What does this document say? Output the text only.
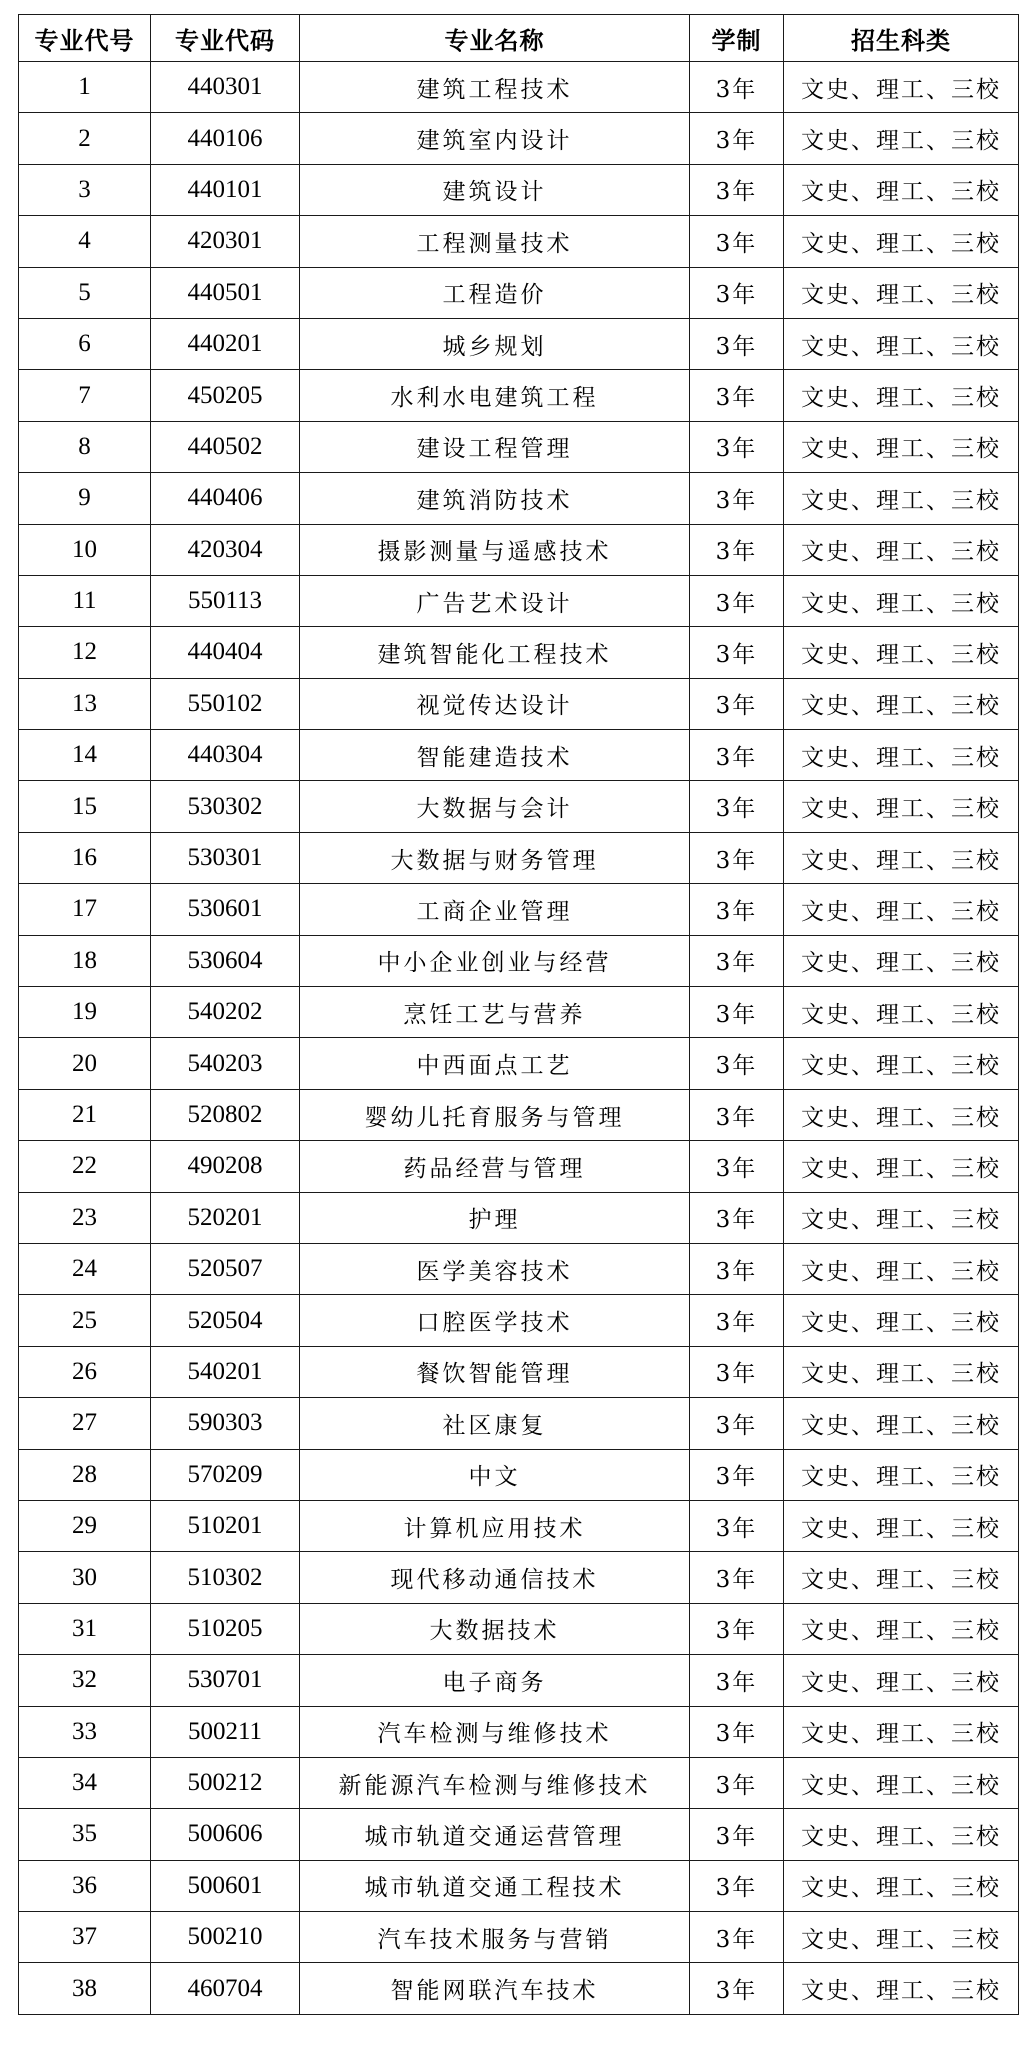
专业代号	专业代码	专业名称	学制	招生科类
1	440301	建筑工程技术	3年	文史、理工、三校
2	440106	建筑室内设计	3年	文史、理工、三校
3	440101	建筑设计	3年	文史、理工、三校
4	420301	工程测量技术	3年	文史、理工、三校
5	440501	工程造价	3年	文史、理工、三校
6	440201	城乡规划	3年	文史、理工、三校
7	450205	水利水电建筑工程	3年	文史、理工、三校
8	440502	建设工程管理	3年	文史、理工、三校
9	440406	建筑消防技术	3年	文史、理工、三校
10	420304	摄影测量与遥感技术	3年	文史、理工、三校
11	550113	广告艺术设计	3年	文史、理工、三校
12	440404	建筑智能化工程技术	3年	文史、理工、三校
13	550102	视觉传达设计	3年	文史、理工、三校
14	440304	智能建造技术	3年	文史、理工、三校
15	530302	大数据与会计	3年	文史、理工、三校
16	530301	大数据与财务管理	3年	文史、理工、三校
17	530601	工商企业管理	3年	文史、理工、三校
18	530604	中小企业创业与经营	3年	文史、理工、三校
19	540202	烹饪工艺与营养	3年	文史、理工、三校
20	540203	中西面点工艺	3年	文史、理工、三校
21	520802	婴幼儿托育服务与管理	3年	文史、理工、三校
22	490208	药品经营与管理	3年	文史、理工、三校
23	520201	护理	3年	文史、理工、三校
24	520507	医学美容技术	3年	文史、理工、三校
25	520504	口腔医学技术	3年	文史、理工、三校
26	540201	餐饮智能管理	3年	文史、理工、三校
27	590303	社区康复	3年	文史、理工、三校
28	570209	中文	3年	文史、理工、三校
29	510201	计算机应用技术	3年	文史、理工、三校
30	510302	现代移动通信技术	3年	文史、理工、三校
31	510205	大数据技术	3年	文史、理工、三校
32	530701	电子商务	3年	文史、理工、三校
33	500211	汽车检测与维修技术	3年	文史、理工、三校
34	500212	新能源汽车检测与维修技术	3年	文史、理工、三校
35	500606	城市轨道交通运营管理	3年	文史、理工、三校
36	500601	城市轨道交通工程技术	3年	文史、理工、三校
37	500210	汽车技术服务与营销	3年	文史、理工、三校
38	460704	智能网联汽车技术	3年	文史、理工、三校
